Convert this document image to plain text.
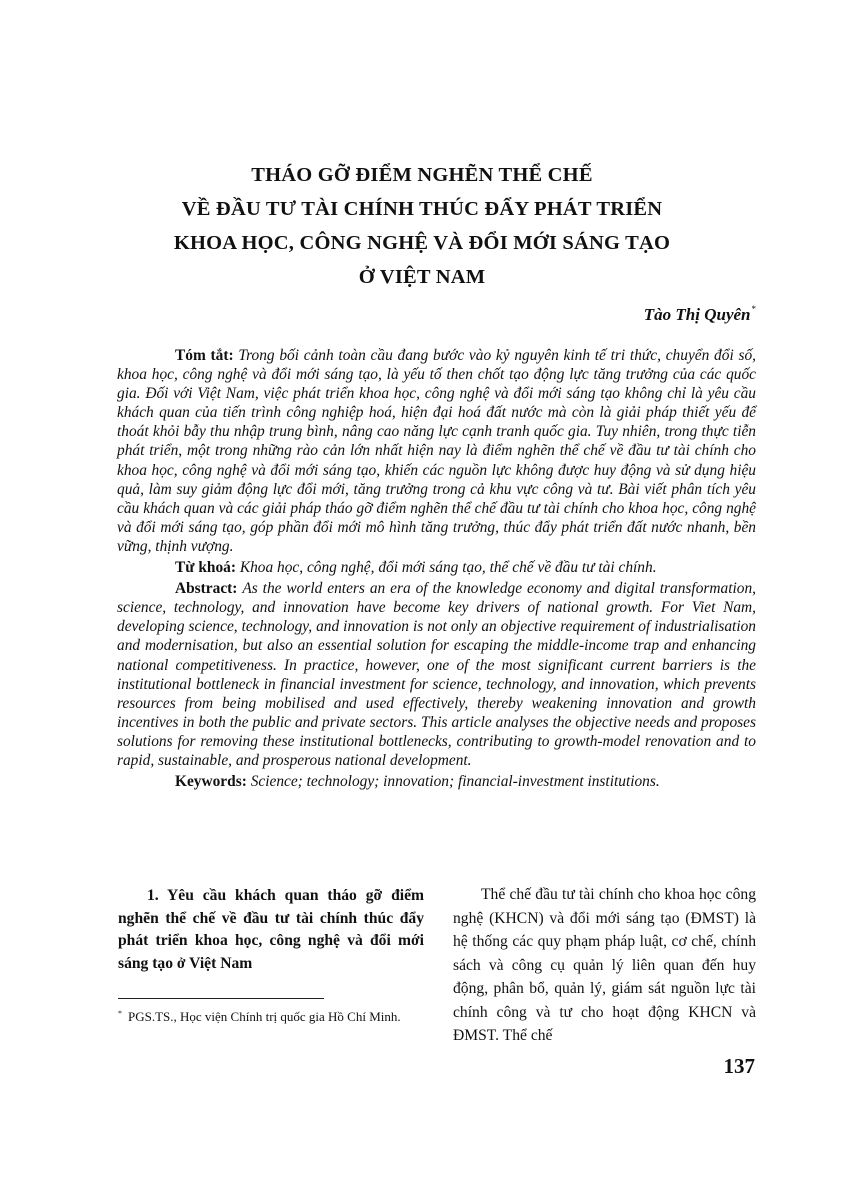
THÁO GỠ ĐIỂM NGHẼN THỂ CHẾ
VỀ ĐẦU TƯ TÀI CHÍNH THÚC ĐẨY PHÁT TRIỂN
KHOA HỌC, CÔNG NGHỆ VÀ ĐỔI MỚI SÁNG TẠO
Ở VIỆT NAM
Tào Thị Quyên*

Tóm tắt: Trong bối cảnh toàn cầu đang bước vào kỷ nguyên kinh tế tri thức, chuyển đổi số, khoa học, công nghệ và đổi mới sáng tạo, là yếu tố then chốt tạo động lực tăng trưởng của các quốc gia. Đối với Việt Nam, việc phát triển khoa học, công nghệ và đổi mới sáng tạo không chỉ là yêu cầu khách quan của tiến trình công nghiệp hoá, hiện đại hoá đất nước mà còn là giải pháp thiết yếu để thoát khỏi bẫy thu nhập trung bình, nâng cao năng lực cạnh tranh quốc gia. Tuy nhiên, trong thực tiễn phát triển, một trong những rào cản lớn nhất hiện nay là điểm nghẽn thể chế về đầu tư tài chính cho khoa học, công nghệ và đổi mới sáng tạo, khiến các nguồn lực không được huy động và sử dụng hiệu quả, làm suy giảm động lực đổi mới, tăng trưởng trong cả khu vực công và tư. Bài viết phân tích yêu cầu khách quan và các giải pháp tháo gỡ điểm nghẽn thể chế đầu tư tài chính cho khoa học, công nghệ và đổi mới sáng tạo, góp phần đổi mới mô hình tăng trưởng, thúc đẩy phát triển đất nước nhanh, bền vững, thịnh vượng.

Từ khoá: Khoa học, công nghệ, đổi mới sáng tạo, thể chế về đầu tư tài chính.

Abstract: As the world enters an era of the knowledge economy and digital transformation, science, technology, and innovation have become key drivers of national growth. For Viet Nam, developing science, technology, and innovation is not only an objective requirement of industrialisation and modernisation, but also an essential solution for escaping the middle-income trap and enhancing national competitiveness. In practice, however, one of the most significant current barriers is the institutional bottleneck in financial investment for science, technology, and innovation, which prevents resources from being mobilised and used effectively, thereby weakening innovation and growth incentives in both the public and private sectors. This article analyses the objective needs and proposes solutions for removing these institutional bottlenecks, contributing to growth-model renovation and to rapid, sustainable, and prosperous national development.

Keywords: Science; technology; innovation; financial-investment institutions.

1. Yêu cầu khách quan tháo gỡ điểm nghẽn thể chế về đầu tư tài chính thúc đẩy phát triển khoa học, công nghệ và đổi mới sáng tạo ở Việt Nam

* PGS.TS., Học viện Chính trị quốc gia Hồ Chí Minh.

Thể chế đầu tư tài chính cho khoa học công nghệ (KHCN) và đổi mới sáng tạo (ĐMST) là hệ thống các quy phạm pháp luật, cơ chế, chính sách và công cụ quản lý liên quan đến huy động, phân bổ, quản lý, giám sát nguồn lực tài chính công và tư cho hoạt động KHCN và ĐMST. Thể chế

137
